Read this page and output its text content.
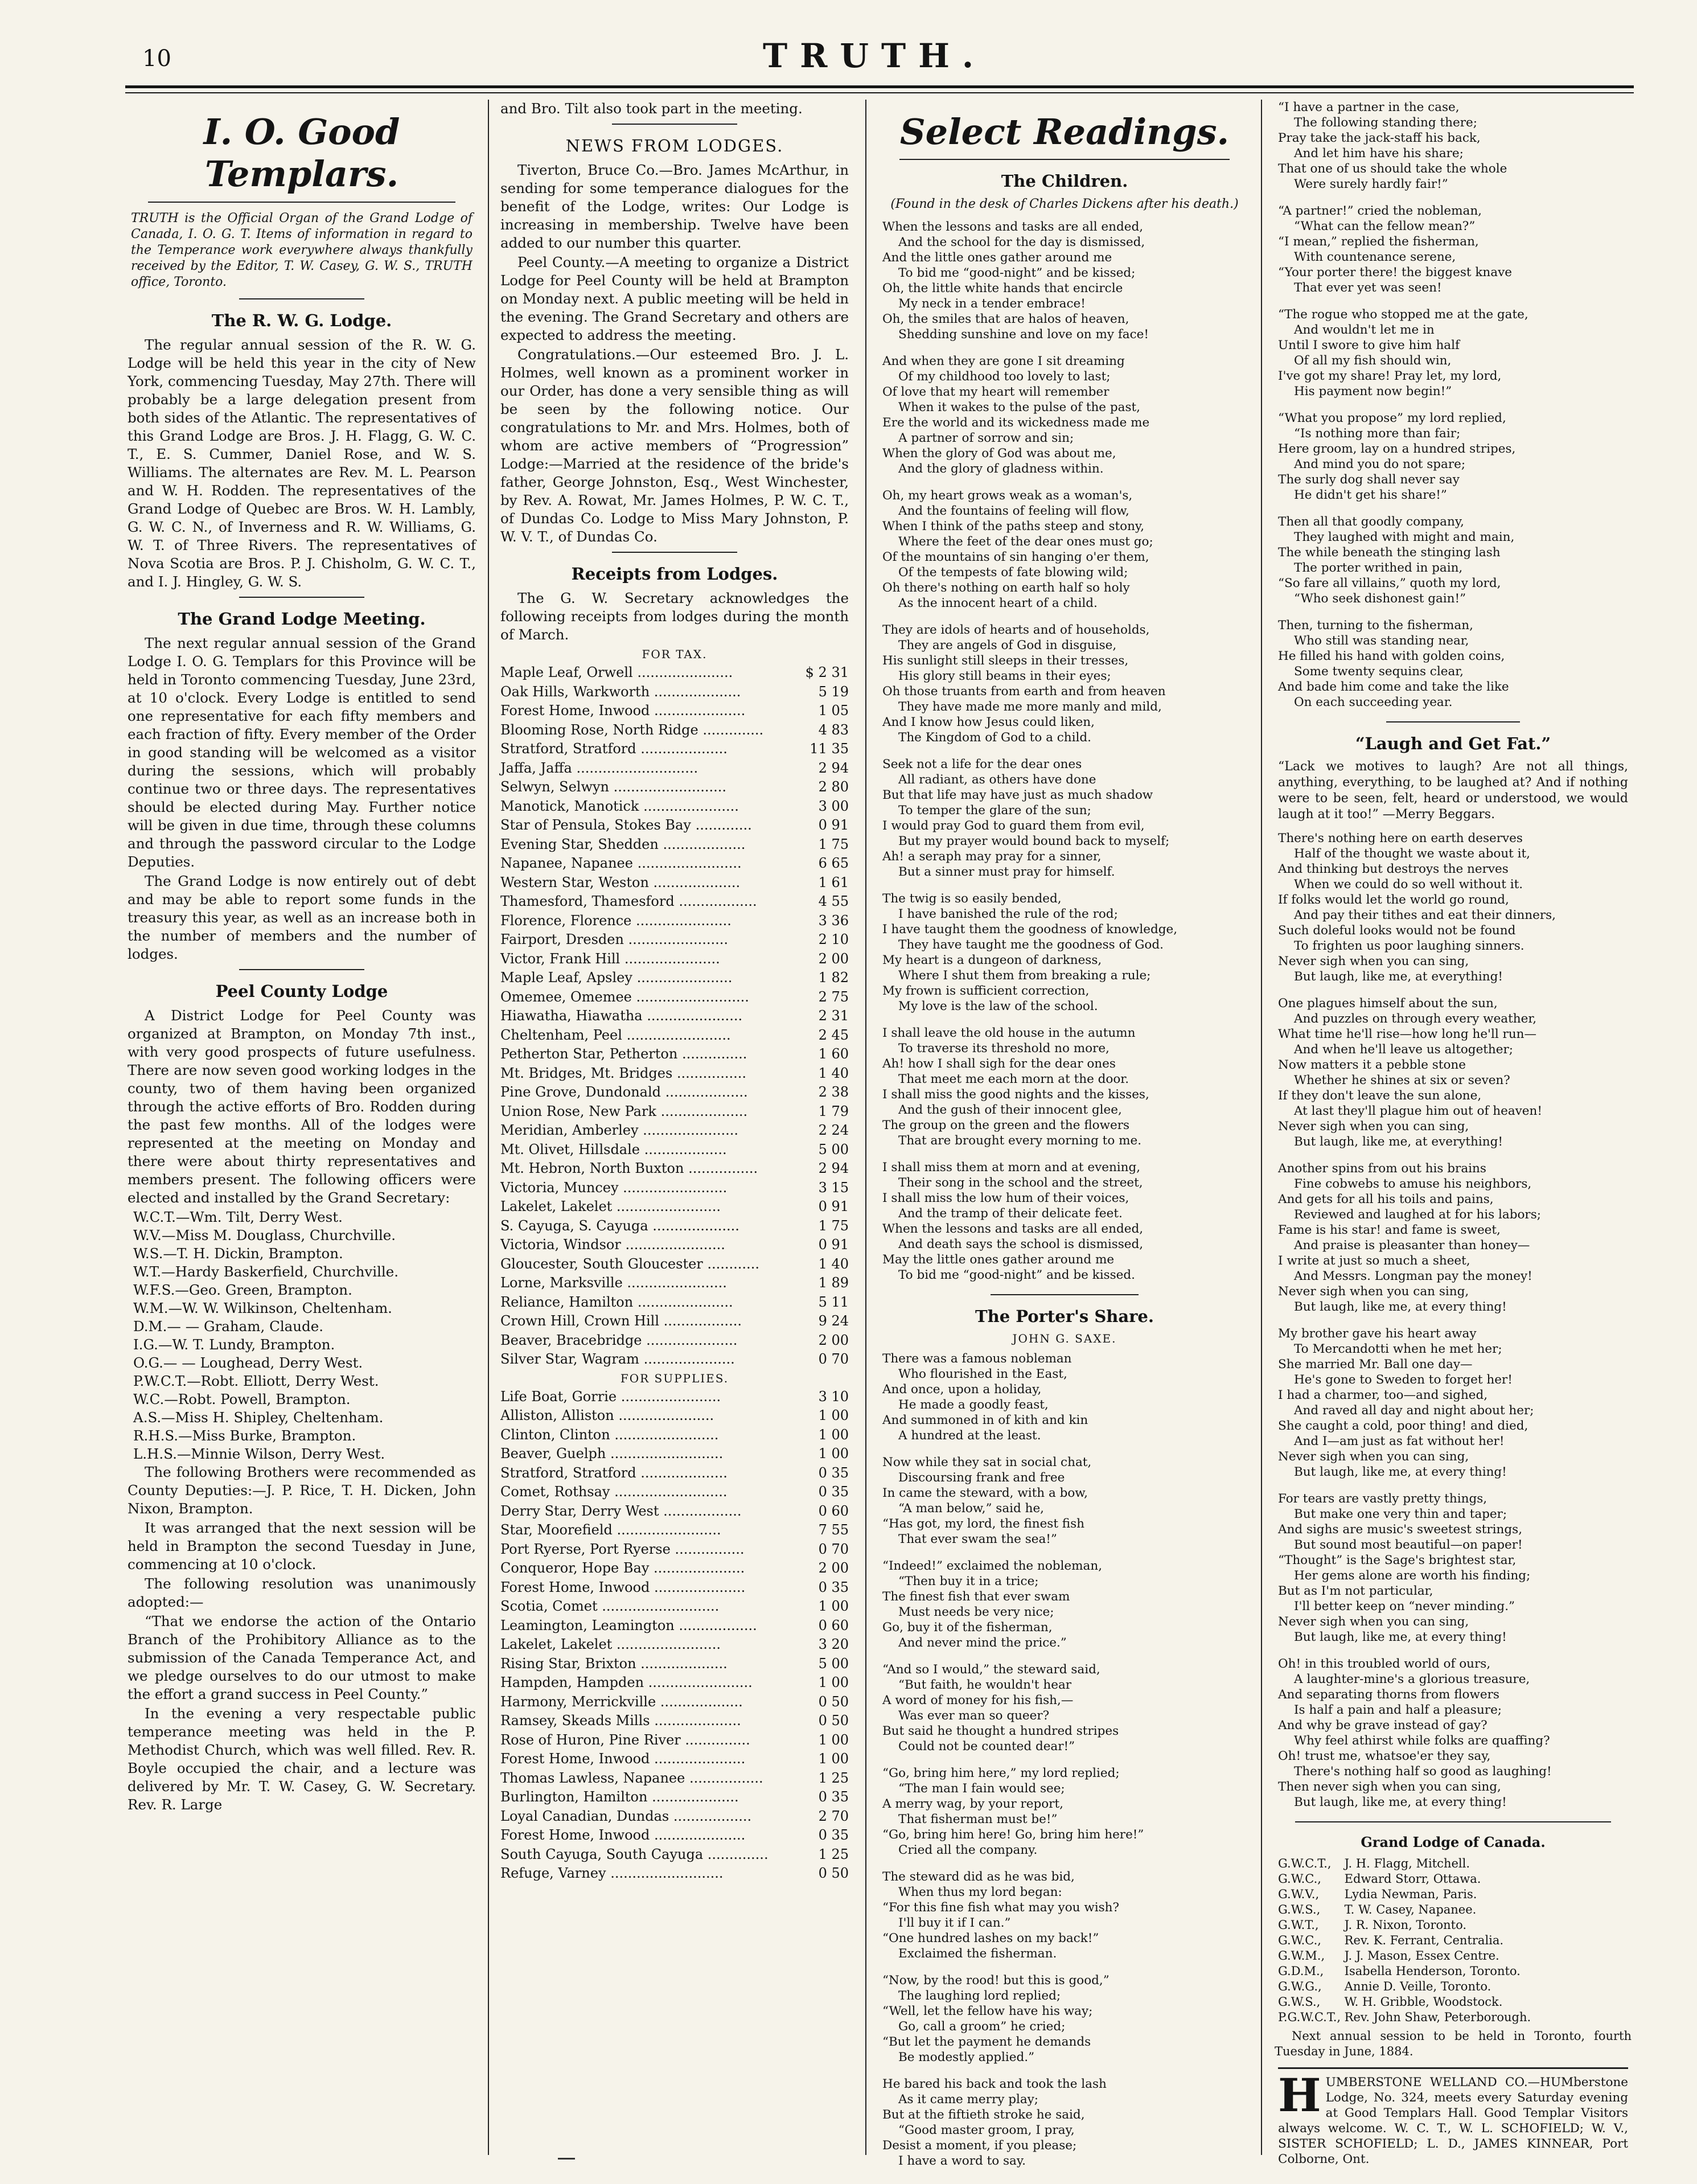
10	TRUTH.
I. O. Good Templars.
TRUTH is the Official Organ of the Grand Lodge of Canada, I. O. G. T. Items of information in regard to the Temperance work everywhere always thankfully received by the Editor, T. W. Casey, G. W. S., TRUTH office, Toronto.
The R. W. G. Lodge.
The regular annual session of the R. W. G. Lodge will be held this year in the city of New York, commencing Tuesday, May 27th. There will probably be a large delegation present from both sides of the Atlantic. The representatives of this Grand Lodge are Bros. J. H. Flagg, G. W. C. T., E. S. Cummer, Daniel Rose, and W. S. Williams. The alternates are Rev. M. L. Pearson and W. H. Rodden. The representatives of the Grand Lodge of Quebec are Bros. W. H. Lambly, G. W. C. N., of Inverness and R. W. Williams, G. W. T. of Three Rivers. The representatives of Nova Scotia are Bros. P. J. Chisholm, G. W. C. T., and I. J. Hingley, G. W. S.
The Grand Lodge Meeting.
The next regular annual session of the Grand Lodge I. O. G. Templars for this Province will be held in Toronto commencing Tuesday, June 23rd, at 10 o'clock. Every Lodge is entitled to send one representative for each fifty members and each fraction of fifty. Every member of the Order in good standing will be welcomed as a visitor during the sessions, which will probably continue two or three days. The representatives should be elected during May. Further notice will be given in due time, through these columns and through the password circular to the Lodge Deputies.
The Grand Lodge is now entirely out of debt and may be able to report some funds in the treasury this year, as well as an increase both in the number of members and the number of lodges.
Peel County Lodge
A District Lodge for Peel County was organized at Brampton, on Monday 7th inst., with very good prospects of future usefulness. There are now seven good working lodges in the county, two of them having been organized through the active efforts of Bro. Rodden during the past few months. All of the lodges were represented at the meeting on Monday and there were about thirty representatives and members present. The following officers were elected and installed by the Grand Secretary:
W.C.T.—Wm. Tilt, Derry West.
W.V.—Miss M. Douglass, Churchville.
W.S.—T. H. Dickin, Brampton.
W.T.—Hardy Baskerfield, Churchville.
W.F.S.—Geo. Green, Brampton.
W.M.—W. W. Wilkinson, Cheltenham.
D.M.— — Graham, Claude.
I.G.—W. T. Lundy, Brampton.
O.G.— — Loughead, Derry West.
P.W.C.T.—Robt. Elliott, Derry West.
W.C.—Robt. Powell, Brampton.
A.S.—Miss H. Shipley, Cheltenham.
R.H.S.—Miss Burke, Brampton.
L.H.S.—Minnie Wilson, Derry West.
The following Brothers were recommended as County Deputies:—J. P. Rice, T. H. Dicken, John Nixon, Brampton.
It was arranged that the next session will be held in Brampton the second Tuesday in June, commencing at 10 o'clock.
The following resolution was unanimously adopted:—
“That we endorse the action of the Ontario Branch of the Prohibitory Alliance as to the submission of the Canada Temperance Act, and we pledge ourselves to do our utmost to make the effort a grand success in Peel County.”
In the evening a very respectable public temperance meeting was held in the P. Methodist Church, which was well filled. Rev. R. Boyle occupied the chair, and a lecture was delivered by Mr. T. W. Casey, G. W. Secretary. Rev. R. Large
and Bro. Tilt also took part in the meeting.
NEWS FROM LODGES.
Tiverton, Bruce Co.—Bro. James McArthur, in sending for some temperance dialogues for the benefit of the Lodge, writes: Our Lodge is increasing in membership. Twelve have been added to our number this quarter.
Peel County.—A meeting to organize a District Lodge for Peel County will be held at Brampton on Monday next. A public meeting will be held in the evening. The Grand Secretary and others are expected to address the meeting.
Congratulations.—Our esteemed Bro. J. L. Holmes, well known as a prominent worker in our Order, has done a very sensible thing as will be seen by the following notice. Our congratulations to Mr. and Mrs. Holmes, both of whom are active members of “Progression” Lodge:—Married at the residence of the bride's father, George Johnston, Esq., West Winchester, by Rev. A. Rowat, Mr. James Holmes, P. W. C. T., of Dundas Co. Lodge to Miss Mary Johnston, P. W. V. T., of Dundas Co.
Receipts from Lodges.
The G. W. Secretary acknowledges the following receipts from lodges during the month of March.
FOR TAX.
Maple Leaf, Orwell ......................	$ 2 31
Oak Hills, Warkworth ....................	5 19
Forest Home, Inwood .....................	1 05
Blooming Rose, North Ridge ..............	4 83
Stratford, Stratford ....................	11 35
Jaffa, Jaffa ............................	2 94
Selwyn, Selwyn ..........................	2 80
Manotick, Manotick ......................	3 00
Star of Pensula, Stokes Bay .............	0 91
Evening Star, Shedden ...................	1 75
Napanee, Napanee ........................	6 65
Western Star, Weston ....................	1 61
Thamesford, Thamesford ..................	4 55
Florence, Florence ......................	3 36
Fairport, Dresden .......................	2 10
Victor, Frank Hill ......................	2 00
Maple Leaf, Apsley ......................	1 82
Omemee, Omemee ..........................	2 75
Hiawatha, Hiawatha ......................	2 31
Cheltenham, Peel ........................	2 45
Petherton Star, Petherton ...............	1 60
Mt. Bridges, Mt. Bridges ................	1 40
Pine Grove, Dundonald ...................	2 38
Union Rose, New Park ....................	1 79
Meridian, Amberley ......................	2 24
Mt. Olivet, Hillsdale ...................	5 00
Mt. Hebron, North Buxton ................	2 94
Victoria, Muncey ........................	3 15
Lakelet, Lakelet ........................	0 91
S. Cayuga, S. Cayuga ....................	1 75
Victoria, Windsor .......................	0 91
Gloucester, South Gloucester ............	1 40
Lorne, Marksville .......................	1 89
Reliance, Hamilton ......................	5 11
Crown Hill, Crown Hill ..................	9 24
Beaver, Bracebridge .....................	2 00
Silver Star, Wagram .....................	0 70
FOR SUPPLIES.
Life Boat, Gorrie .......................	3 10
Alliston, Alliston ......................	1 00
Clinton, Clinton ........................	1 00
Beaver, Guelph ..........................	1 00
Stratford, Stratford ....................	0 35
Comet, Rothsay ..........................	0 35
Derry Star, Derry West ..................	0 60
Star, Moorefield ........................	7 55
Port Ryerse, Port Ryerse ................	0 70
Conqueror, Hope Bay .....................	2 00
Forest Home, Inwood .....................	0 35
Scotia, Comet ...........................	1 00
Leamington, Leamington ..................	0 60
Lakelet, Lakelet ........................	3 20
Rising Star, Brixton ....................	5 00
Hampden, Hampden ........................	1 00
Harmony, Merrickville ...................	0 50
Ramsey, Skeads Mills ....................	0 50
Rose of Huron, Pine River ...............	1 00
Forest Home, Inwood .....................	1 00
Thomas Lawless, Napanee .................	1 25
Burlington, Hamilton ....................	0 35
Loyal Canadian, Dundas ..................	2 70
Forest Home, Inwood .....................	0 35
South Cayuga, South Cayuga ..............	1 25
Refuge, Varney ..........................	0 50
Select Readings.
The Children.
(Found in the desk of Charles Dickens after his death.)
When the lessons and tasks are all ended,
And the school for the day is dismissed,
And the little ones gather around me
To bid me “good-night” and be kissed;
Oh, the little white hands that encircle
My neck in a tender embrace!
Oh, the smiles that are halos of heaven,
Shedding sunshine and love on my face!
And when they are gone I sit dreaming
Of my childhood too lovely to last;
Of love that my heart will remember
When it wakes to the pulse of the past,
Ere the world and its wickedness made me
A partner of sorrow and sin;
When the glory of God was about me,
And the glory of gladness within.
Oh, my heart grows weak as a woman's,
And the fountains of feeling will flow,
When I think of the paths steep and stony,
Where the feet of the dear ones must go;
Of the mountains of sin hanging o'er them,
Of the tempests of fate blowing wild;
Oh there's nothing on earth half so holy
As the innocent heart of a child.
They are idols of hearts and of households,
They are angels of God in disguise,
His sunlight still sleeps in their tresses,
His glory still beams in their eyes;
Oh those truants from earth and from heaven
They have made me more manly and mild,
And I know how Jesus could liken,
The Kingdom of God to a child.
Seek not a life for the dear ones
All radiant, as others have done
But that life may have just as much shadow
To temper the glare of the sun;
I would pray God to guard them from evil,
But my prayer would bound back to myself;
Ah! a seraph may pray for a sinner,
But a sinner must pray for himself.
The twig is so easily bended,
I have banished the rule of the rod;
I have taught them the goodness of knowledge,
They have taught me the goodness of God.
My heart is a dungeon of darkness,
Where I shut them from breaking a rule;
My frown is sufficient correction,
My love is the law of the school.
I shall leave the old house in the autumn
To traverse its threshold no more,
Ah! how I shall sigh for the dear ones
That meet me each morn at the door.
I shall miss the good nights and the kisses,
And the gush of their innocent glee,
The group on the green and the flowers
That are brought every morning to me.
I shall miss them at morn and at evening,
Their song in the school and the street,
I shall miss the low hum of their voices,
And the tramp of their delicate feet.
When the lessons and tasks are all ended,
And death says the school is dismissed,
May the little ones gather around me
To bid me “good-night” and be kissed.
The Porter's Share.
JOHN G. SAXE.
There was a famous nobleman
Who flourished in the East,
And once, upon a holiday,
He made a goodly feast,
And summoned in of kith and kin
A hundred at the least.
Now while they sat in social chat,
Discoursing frank and free
In came the steward, with a bow,
“A man below,” said he,
“Has got, my lord, the finest fish
That ever swam the sea!”
“Indeed!” exclaimed the nobleman,
“Then buy it in a trice;
The finest fish that ever swam
Must needs be very nice;
Go, buy it of the fisherman,
And never mind the price.”
“And so I would,” the steward said,
“But faith, he wouldn't hear
A word of money for his fish,—
Was ever man so queer?
But said he thought a hundred stripes
Could not be counted dear!”
“Go, bring him here,” my lord replied;
“The man I fain would see;
A merry wag, by your report,
That fisherman must be!”
“Go, bring him here! Go, bring him here!”
Cried all the company.
The steward did as he was bid,
When thus my lord began:
“For this fine fish what may you wish?
I'll buy it if I can.”
“One hundred lashes on my back!”
Exclaimed the fisherman.
“Now, by the rood! but this is good,”
The laughing lord replied;
“Well, let the fellow have his way;
Go, call a groom” he cried;
“But let the payment he demands
Be modestly applied.”
He bared his back and took the lash
As it came merry play;
But at the fiftieth stroke he said,
“Good master groom, I pray,
Desist a moment, if you please;
I have a word to say.
“I have a partner in the case,
The following standing there;
Pray take the jack-staff his back,
And let him have his share;
That one of us should take the whole
Were surely hardly fair!”
“A partner!” cried the nobleman,
“What can the fellow mean?”
“I mean,” replied the fisherman,
With countenance serene,
“Your porter there! the biggest knave
That ever yet was seen!
“The rogue who stopped me at the gate,
And wouldn't let me in
Until I swore to give him half
Of all my fish should win,
I've got my share! Pray let, my lord,
His payment now begin!”
“What you propose” my lord replied,
“Is nothing more than fair;
Here groom, lay on a hundred stripes,
And mind you do not spare;
The surly dog shall never say
He didn't get his share!”
Then all that goodly company,
They laughed with might and main,
The while beneath the stinging lash
The porter writhed in pain,
“So fare all villains,” quoth my lord,
“Who seek dishonest gain!”
Then, turning to the fisherman,
Who still was standing near,
He filled his hand with golden coins,
Some twenty sequins clear,
And bade him come and take the like
On each succeeding year.
“Laugh and Get Fat.”
“Lack we motives to laugh? Are not all things, anything, everything, to be laughed at? And if nothing were to be seen, felt, heard or understood, we would laugh at it too!” —Merry Beggars.
There's nothing here on earth deserves
Half of the thought we waste about it,
And thinking but destroys the nerves
When we could do so well without it.
If folks would let the world go round,
And pay their tithes and eat their dinners,
Such doleful looks would not be found
To frighten us poor laughing sinners.
Never sigh when you can sing,
But laugh, like me, at everything!
One plagues himself about the sun,
And puzzles on through every weather,
What time he'll rise—how long he'll run—
And when he'll leave us altogether;
Now matters it a pebble stone
Whether he shines at six or seven?
If they don't leave the sun alone,
At last they'll plague him out of heaven!
Never sigh when you can sing,
But laugh, like me, at everything!
Another spins from out his brains
Fine cobwebs to amuse his neighbors,
And gets for all his toils and pains,
Reviewed and laughed at for his labors;
Fame is his star! and fame is sweet,
And praise is pleasanter than honey—
I write at just so much a sheet,
And Messrs. Longman pay the money!
Never sigh when you can sing,
But laugh, like me, at every thing!
My brother gave his heart away
To Mercandotti when he met her;
She married Mr. Ball one day—
He's gone to Sweden to forget her!
I had a charmer, too—and sighed,
And raved all day and night about her;
She caught a cold, poor thing! and died,
And I—am just as fat without her!
Never sigh when you can sing,
But laugh, like me, at every thing!
For tears are vastly pretty things,
But make one very thin and taper;
And sighs are music's sweetest strings,
But sound most beautiful—on paper!
“Thought” is the Sage's brightest star,
Her gems alone are worth his finding;
But as I'm not particular,
I'll better keep on “never minding.”
Never sigh when you can sing,
But laugh, like me, at every thing!
Oh! in this troubled world of ours,
A laughter-mine's a glorious treasure,
And separating thorns from flowers
Is half a pain and half a pleasure;
And why be grave instead of gay?
Why feel athirst while folks are quaffing?
Oh! trust me, whatsoe'er they say,
There's nothing half so good as laughing!
Then never sigh when you can sing,
But laugh, like me, at every thing!
Grand Lodge of Canada.
G.W.C.T., J. H. Flagg, Mitchell.
G.W.C., Edward Storr, Ottawa.
G.W.V., Lydia Newman, Paris.
G.W.S., T. W. Casey, Napanee.
G.W.T., J. R. Nixon, Toronto.
G.W.C., Rev. K. Ferrant, Centralia.
G.W.M., J. J. Mason, Essex Centre.
G.D.M., Isabella Henderson, Toronto.
G.W.G., Annie D. Veille, Toronto.
G.W.S., W. H. Gribble, Woodstock.
P.G.W.C.T., Rev. John Shaw, Peterborough.
Next annual session to be held in Toronto, fourth Tuesday in June, 1884.
HUMBERSTONE WELLAND CO.—HUMberstone Lodge, No. 324, meets every Saturday evening at Good Templars Hall. Good Templar Visitors always welcome. W. C. T., W. L. SCHOFIELD; W. V., SISTER SCHOFIELD; L. D., JAMES KINNEAR, Port Colborne, Ont.
